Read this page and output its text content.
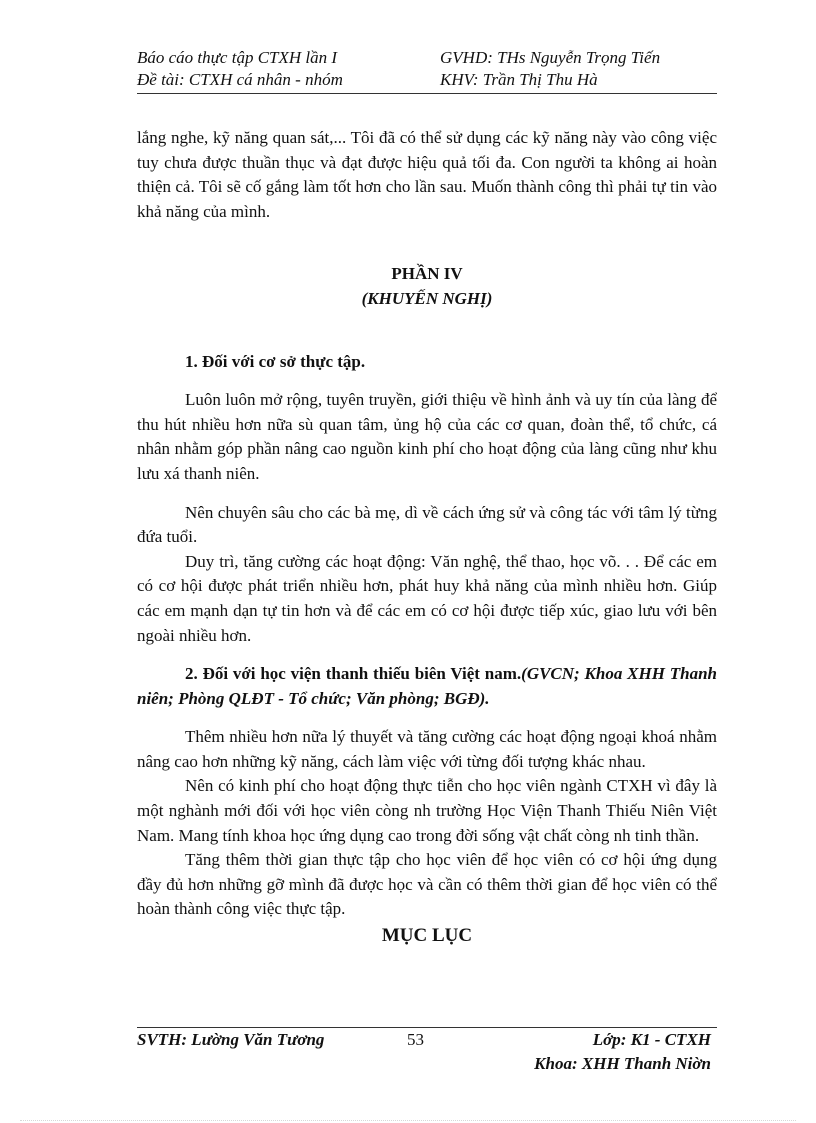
Báo cáo thực tập CTXH lần I	GVHD: THs Nguyễn Trọng Tiến
Đề tài: CTXH cá nhân - nhóm	KHV: Trần Thị Thu Hà

lắng nghe, kỹ năng quan sát,... Tôi đã có thể sử dụng các kỹ năng này vào công việc tuy chưa được thuần thục và đạt được hiệu quả tối đa. Con người ta không ai hoàn thiện cả. Tôi sẽ cố gắng làm tốt hơn cho lần sau. Muốn thành công thì phải tự tin vào khả năng của mình.

PHẦN IV

(KHUYẾN NGHỊ)

1. Đối với cơ sở thực tập.

Luôn luôn mở rộng, tuyên truyền, giới thiệu về hình ảnh và uy tín của làng để thu hút nhiều hơn nữa sù quan tâm, ủng hộ của các cơ quan, đoàn thể, tổ chức, cá nhân nhằm góp phần nâng cao nguồn kinh phí cho hoạt động của làng cũng như khu lưu xá thanh niên.

Nên chuyên sâu cho các bà mẹ, dì về cách ứng sử và công tác với tâm lý từng đứa tuổi.

Duy trì, tăng cường các hoạt động: Văn nghệ, thể thao, học võ. . . Để các em có cơ hội được phát triển nhiều hơn, phát huy khả năng của mình nhiều hơn. Giúp các em mạnh dạn tự tin hơn và để các em có cơ hội được tiếp xúc, giao lưu với bên ngoài nhiều hơn.

2. Đối với học viện thanh thiếu biên Việt nam.(GVCN; Khoa XHH Thanh niên; Phòng QLĐT - Tổ chức; Văn phòng; BGĐ).

Thêm nhiều hơn nữa lý thuyết và tăng cường các hoạt động ngoại khoá nhằm nâng cao hơn những kỹ năng, cách làm việc với từng đối tượng khác nhau.

Nên có kinh phí cho hoạt động thực tiễn cho học viên ngành CTXH vì đây là một nghành mới đối với học viên còng nh trường Học Viện Thanh Thiếu Niên Việt Nam. Mang tính khoa học ứng dụng cao trong đời sống vật chất còng nh tinh thần.

Tăng thêm thời gian thực tập cho học viên để học viên có cơ hội ứng dụng đầy đủ hơn những gỡ mình đã được học và cần có thêm thời gian để học viên có thể hoàn thành công việc thực tập.

MỤC LỤC

SVTH: Lường Văn Tương	53	Lớp: K1 - CTXH
Khoa: XHH Thanh Niờn
